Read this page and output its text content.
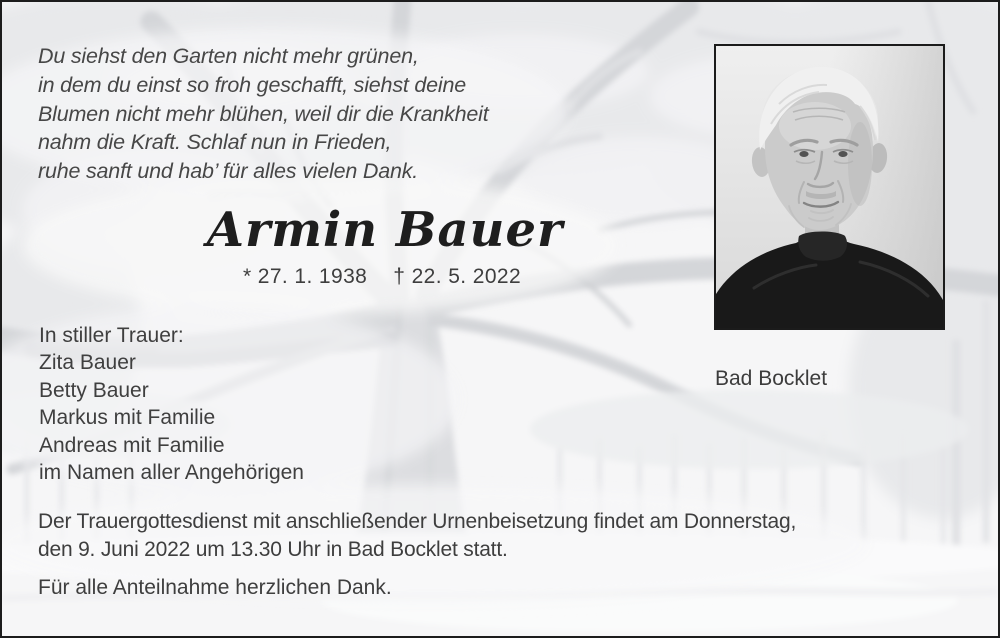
Du siehst den Garten nicht mehr grünen,
in dem du einst so froh geschafft, siehst deine
Blumen nicht mehr blühen, weil dir die Krankheit
nahm die Kraft. Schlaf nun in Frieden,
ruhe sanft und hab’ für alles vielen Dank.
Armin Bauer
* 27. 1. 1938 † 22. 5. 2022
In stiller Trauer:
Zita Bauer
Betty Bauer
Markus mit Familie
Andreas mit Familie
im Namen aller Angehörigen
Bad Bocklet
Der Trauergottesdienst mit anschließender Urnenbeisetzung findet am Donnerstag,
den 9. Juni 2022 um 13.30 Uhr in Bad Bocklet statt.
Für alle Anteilnahme herzlichen Dank.
